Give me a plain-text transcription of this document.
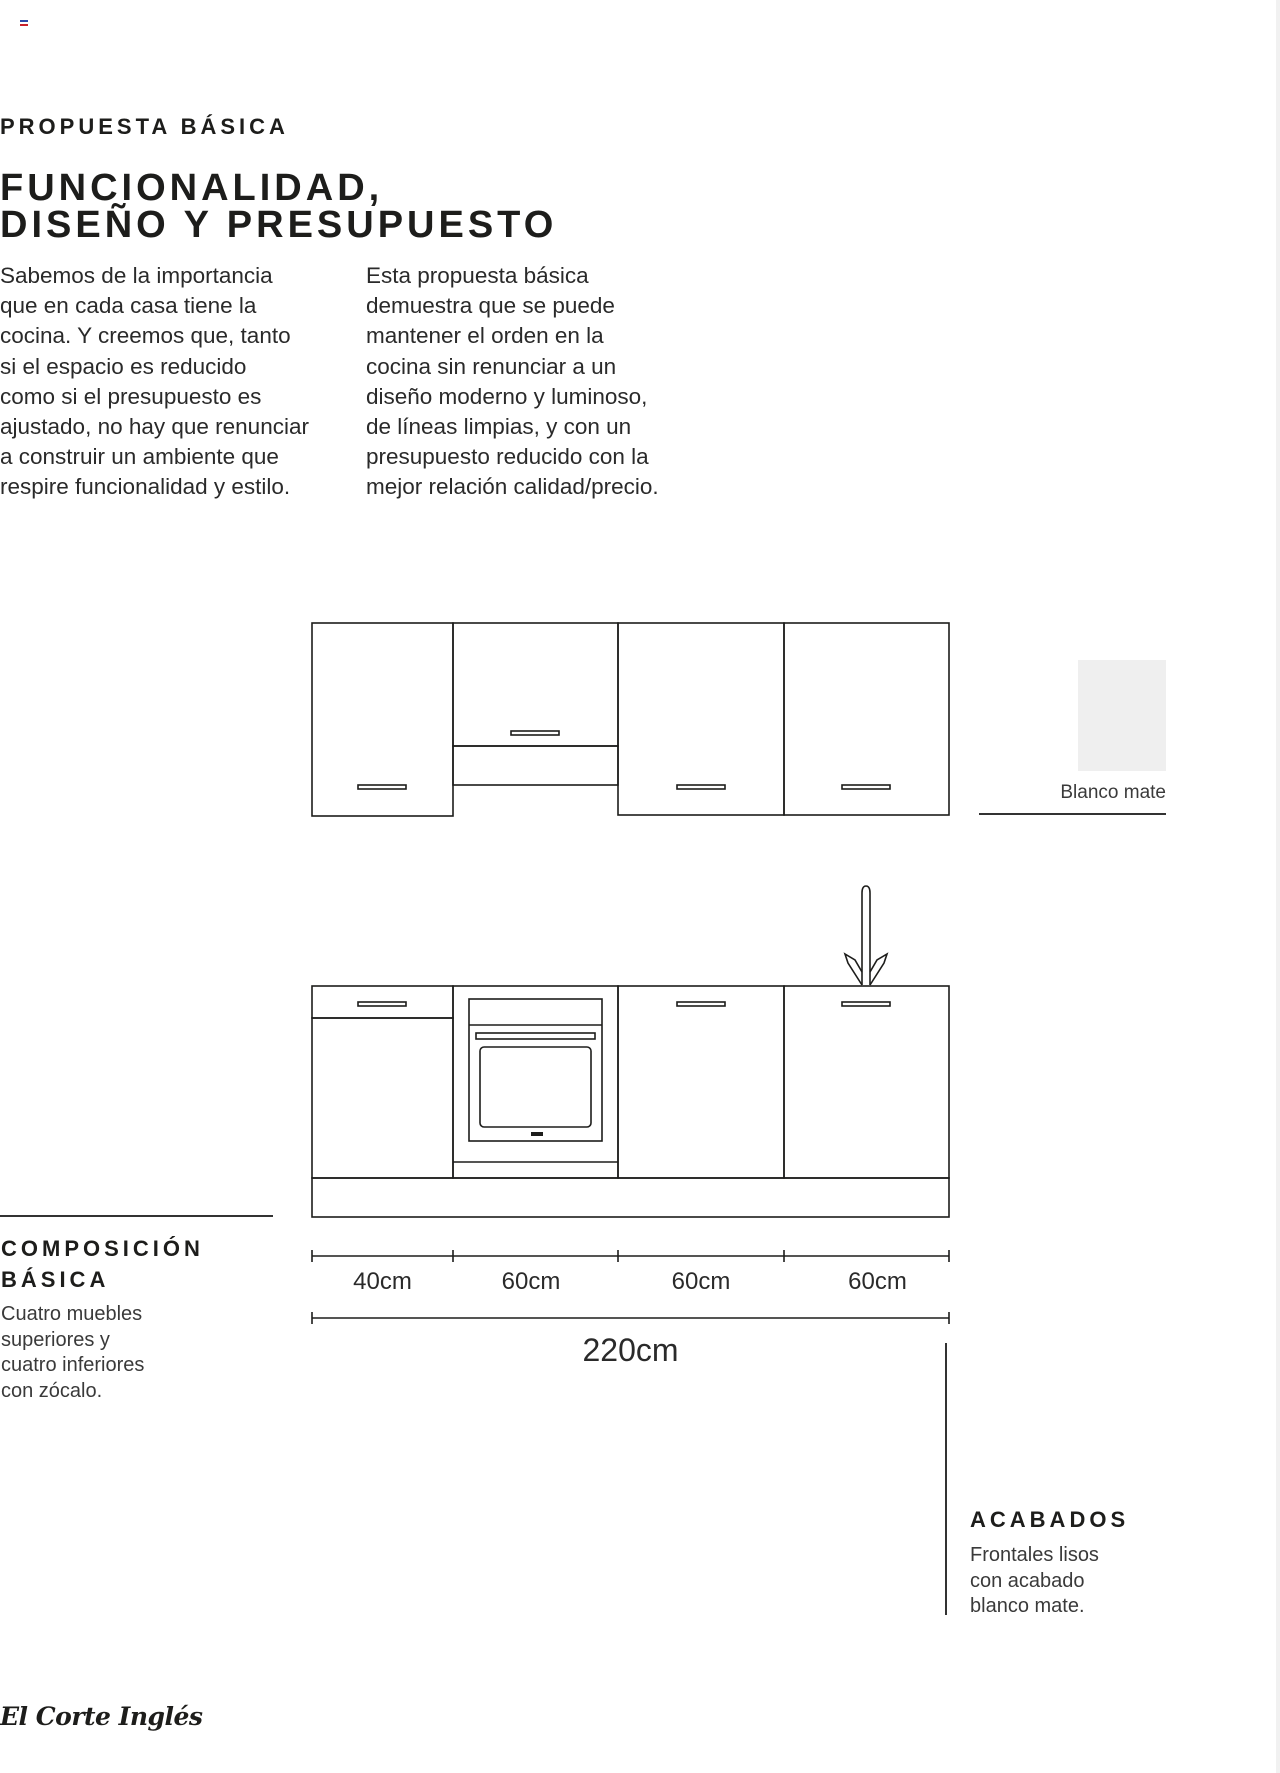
PROPUESTA BÁSICA
FUNCIONALIDAD,
DISEÑO Y PRESUPUESTO
Sabemos de la importancia
que en cada casa tiene la
cocina. Y creemos que, tanto
si el espacio es reducido
como si el presupuesto es
ajustado, no hay que renunciar
a construir un ambiente que
respire funcionalidad y estilo.
Esta propuesta básica
demuestra que se puede
mantener el orden en la
cocina sin renunciar a un
diseño moderno y luminoso,
de líneas limpias, y con un
presupuesto reducido con la
mejor relación calidad/precio.
40cm	60cm	60cm	60cm
220cm
Blanco mate
COMPOSICIÓN
BÁSICA
Cuatro muebles
superiores y
cuatro inferiores
con zócalo.
ACABADOS
Frontales lisos
con acabado
blanco mate.
El Corte Inglés
